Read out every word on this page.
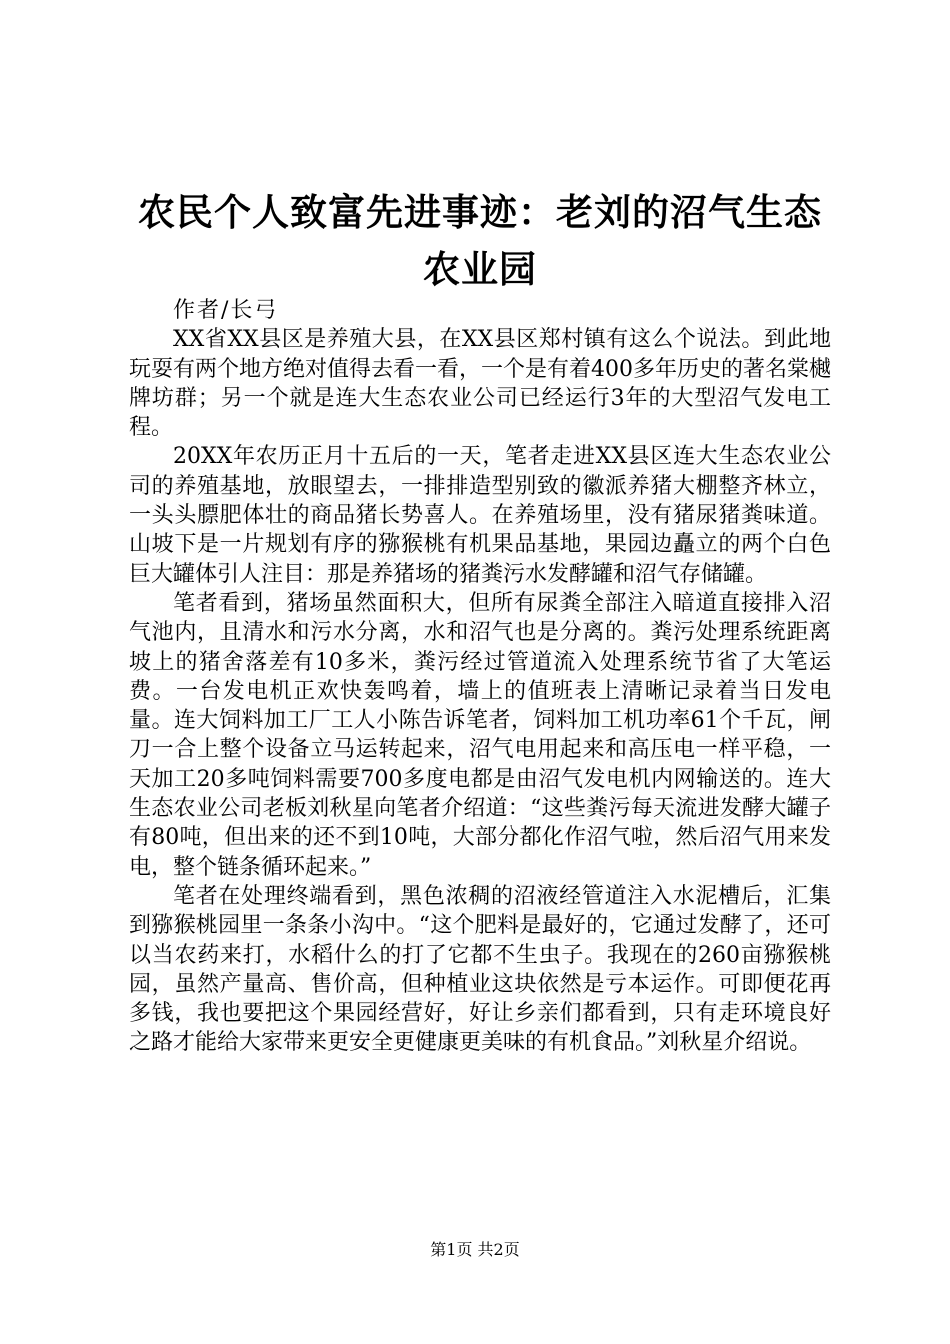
农民个人致富先进事迹：老刘的沼气生态农业园

作者/长弓

XX省XX县区是养殖大县，在XX县区郑村镇有这么个说法。到此地玩耍有两个地方绝对值得去看一看，一个是有着400多年历史的著名棠樾牌坊群；另一个就是连大生态农业公司已经运行3年的大型沼气发电工程。

20XX年农历正月十五后的一天，笔者走进XX县区连大生态农业公司的养殖基地，放眼望去，一排排造型别致的徽派养猪大棚整齐林立，一头头膘肥体壮的商品猪长势喜人。在养殖场里，没有猪尿猪粪味道。山坡下是一片规划有序的猕猴桃有机果品基地，果园边矗立的两个白色巨大罐体引人注目：那是养猪场的猪粪污水发酵罐和沼气存储罐。

笔者看到，猪场虽然面积大，但所有尿粪全部注入暗道直接排入沼气池内，且清水和污水分离，水和沼气也是分离的。粪污处理系统距离坡上的猪舍落差有10多米，粪污经过管道流入处理系统节省了大笔运费。一台发电机正欢快轰鸣着，墙上的值班表上清晰记录着当日发电量。连大饲料加工厂工人小陈告诉笔者，饲料加工机功率61个千瓦，闸刀一合上整个设备立马运转起来，沼气电用起来和高压电一样平稳，一天加工20多吨饲料需要700多度电都是由沼气发电机内网输送的。连大生态农业公司老板刘秋星向笔者介绍道：“这些粪污每天流进发酵大罐子有80吨，但出来的还不到10吨，大部分都化作沼气啦，然后沼气用来发电，整个链条循环起来。”

笔者在处理终端看到，黑色浓稠的沼液经管道注入水泥槽后，汇集到猕猴桃园里一条条小沟中。“这个肥料是最好的，它通过发酵了，还可以当农药来打，水稻什么的打了它都不生虫子。我现在的260亩猕猴桃园，虽然产量高、售价高，但种植业这块依然是亏本运作。可即便花再多钱，我也要把这个果园经营好，好让乡亲们都看到，只有走环境良好之路才能给大家带来更安全更健康更美味的有机食品。”刘秋星介绍说。

第1页 共2页
